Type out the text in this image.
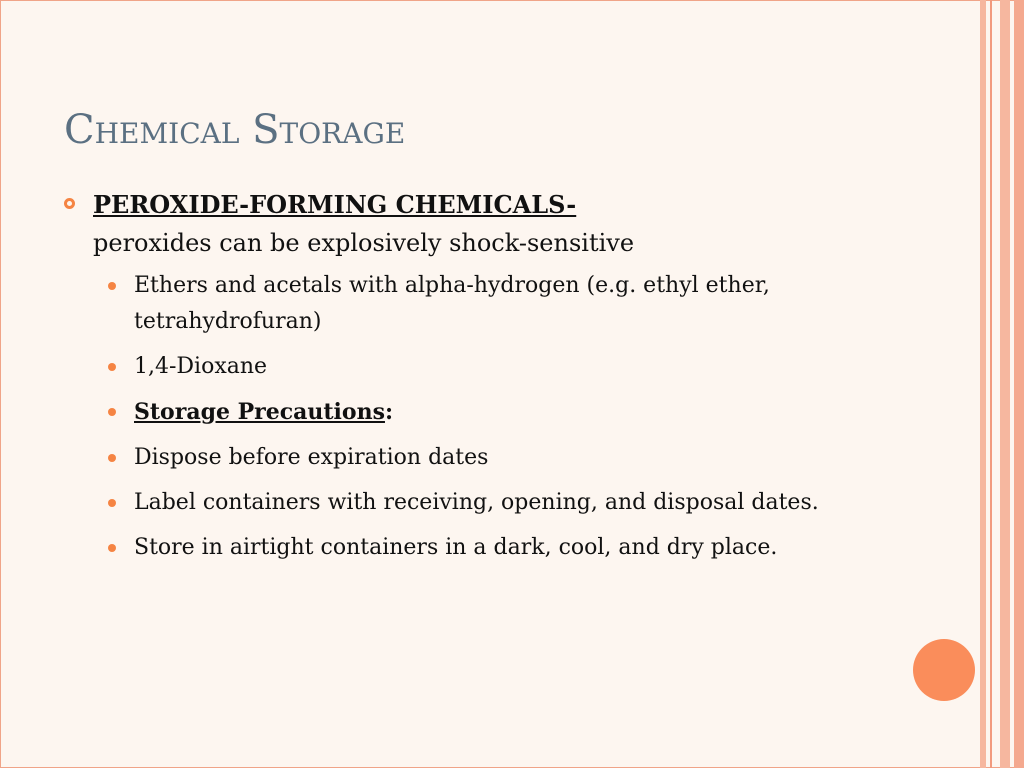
Chemical Storage
PEROXIDE-FORMING CHEMICALS-
peroxides can be explosively shock-sensitive
Ethers and acetals with alpha-hydrogen (e.g. ethyl ether, tetrahydrofuran)
1,4-Dioxane
Storage Precautions:
Dispose before expiration dates
Label containers with receiving, opening, and disposal dates.
Store in airtight containers in a dark, cool, and dry place.
